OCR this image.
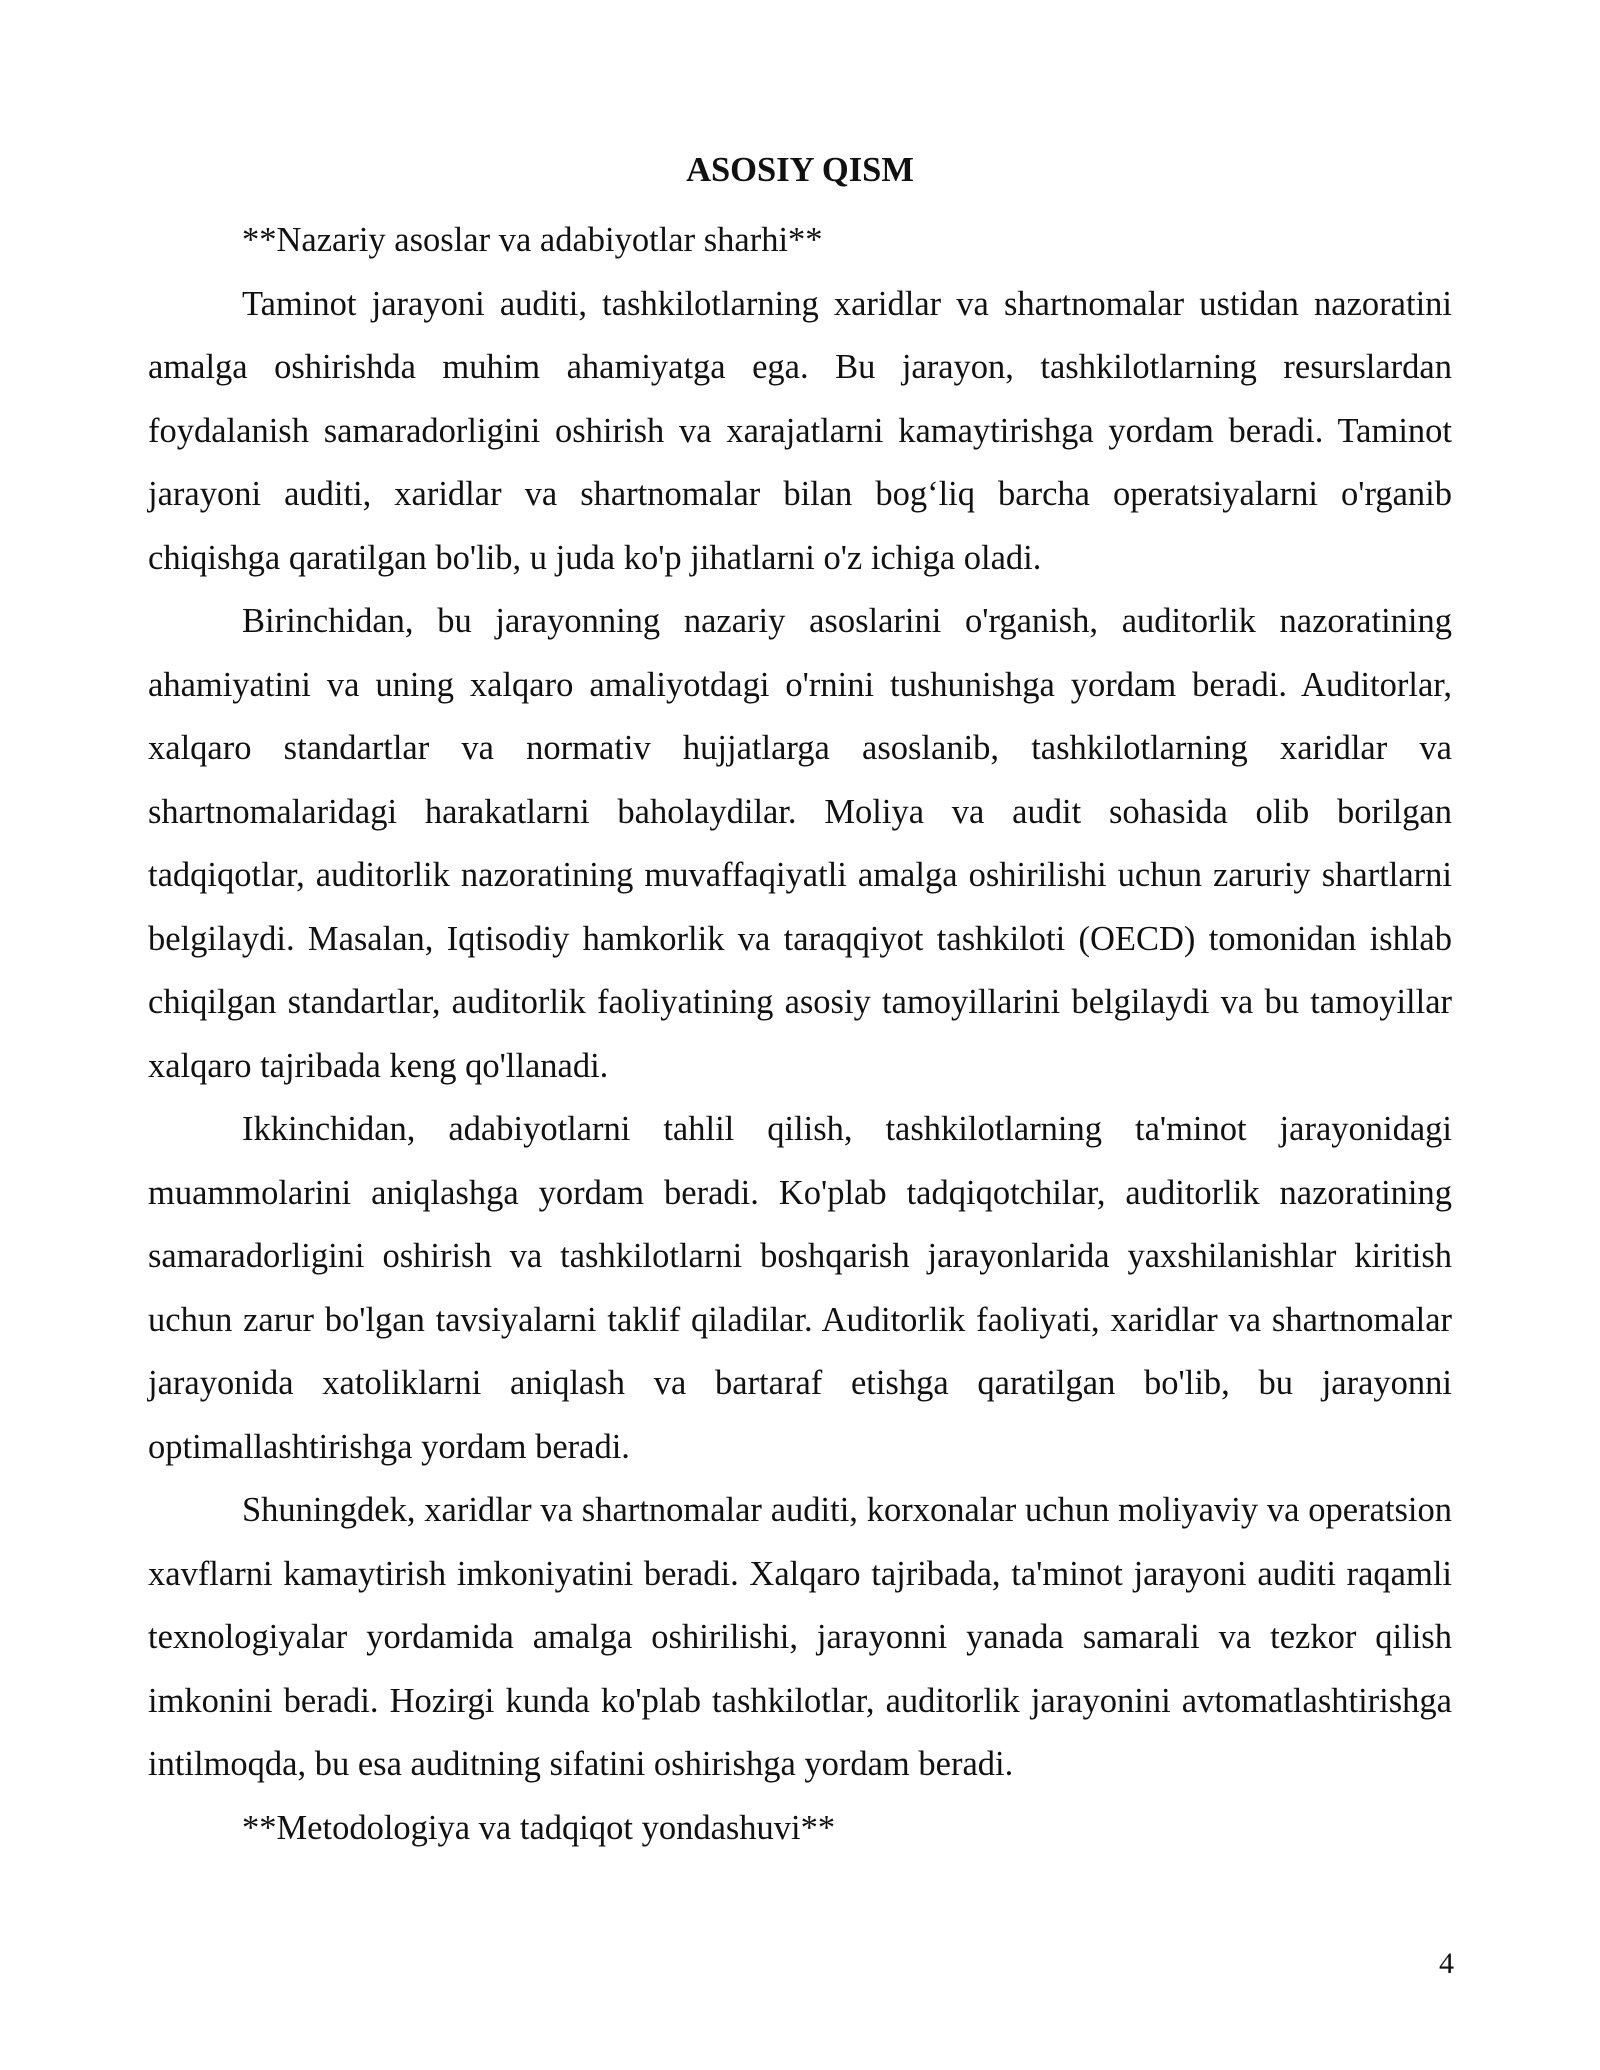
ASOSIY QISM

**Nazariy asoslar va adabiyotlar sharhi**

Taminot jarayoni auditi, tashkilotlarning xaridlar va shartnomalar ustidan nazoratini amalga oshirishda muhim ahamiyatga ega. Bu jarayon, tashkilotlarning resurslardan foydalanish samaradorligini oshirish va xarajatlarni kamaytirishga yordam beradi. Taminot jarayoni auditi, xaridlar va shartnomalar bilan bog‘liq barcha operatsiyalarni o'rganib chiqishga qaratilgan bo'lib, u juda ko'p jihatlarni o'z ichiga oladi.

Birinchidan, bu jarayonning nazariy asoslarini o'rganish, auditorlik nazoratining ahamiyatini va uning xalqaro amaliyotdagi o'rnini tushunishga yordam beradi. Auditorlar, xalqaro standartlar va normativ hujjatlarga asoslanib, tashkilotlarning xaridlar va shartnomalaridagi harakatlarni baholaydilar. Moliya va audit sohasida olib borilgan tadqiqotlar, auditorlik nazoratining muvaffaqiyatli amalga oshirilishi uchun zaruriy shartlarni belgilaydi. Masalan, Iqtisodiy hamkorlik va taraqqiyot tashkiloti (OECD) tomonidan ishlab chiqilgan standartlar, auditorlik faoliyatining asosiy tamoyillarini belgilaydi va bu tamoyillar xalqaro tajribada keng qo'llanadi.

Ikkinchidan, adabiyotlarni tahlil qilish, tashkilotlarning ta'minot jarayonidagi muammolarini aniqlashga yordam beradi. Ko'plab tadqiqotchilar, auditorlik nazoratining samaradorligini oshirish va tashkilotlarni boshqarish jarayonlarida yaxshilanishlar kiritish uchun zarur bo'lgan tavsiyalarni taklif qiladilar. Auditorlik faoliyati, xaridlar va shartnomalar jarayonida xatoliklarni aniqlash va bartaraf etishga qaratilgan bo'lib, bu jarayonni optimallashtirishga yordam beradi.

Shuningdek, xaridlar va shartnomalar auditi, korxonalar uchun moliyaviy va operatsion xavflarni kamaytirish imkoniyatini beradi. Xalqaro tajribada, ta'minot jarayoni auditi raqamli texnologiyalar yordamida amalga oshirilishi, jarayonni yanada samarali va tezkor qilish imkonini beradi. Hozirgi kunda ko'plab tashkilotlar, auditorlik jarayonini avtomatlashtirishga intilmoqda, bu esa auditning sifatini oshirishga yordam beradi.

**Metodologiya va tadqiqot yondashuvi**

4
